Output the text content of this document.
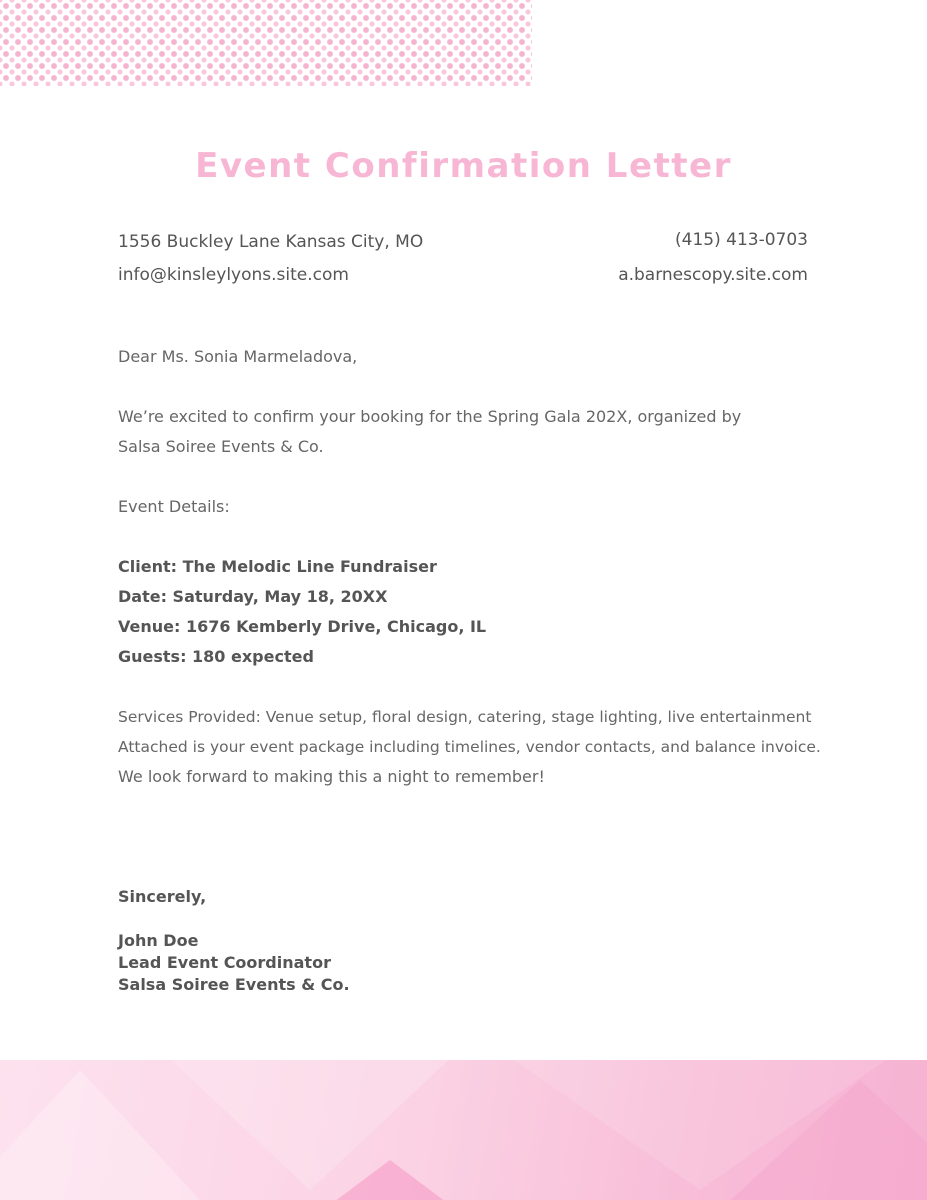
Event Confirmation Letter
1556 Buckley Lane Kansas City, MO
info@kinsleylyons.site.com
(415) 413-0703
a.barnescopy.site.com
Dear Ms. Sonia Marmeladova,
We’re excited to confirm your booking for the Spring Gala 202X, organized by
Salsa Soiree Events & Co.
Event Details:
Client: The Melodic Line Fundraiser
Date: Saturday, May 18, 20XX
Venue: 1676 Kemberly Drive, Chicago, IL
Guests: 180 expected
Services Provided: Venue setup, floral design, catering, stage lighting, live entertainment
Attached is your event package including timelines, vendor contacts, and balance invoice.
We look forward to making this a night to remember!
Sincerely,
John Doe
Lead Event Coordinator
Salsa Soiree Events & Co.
